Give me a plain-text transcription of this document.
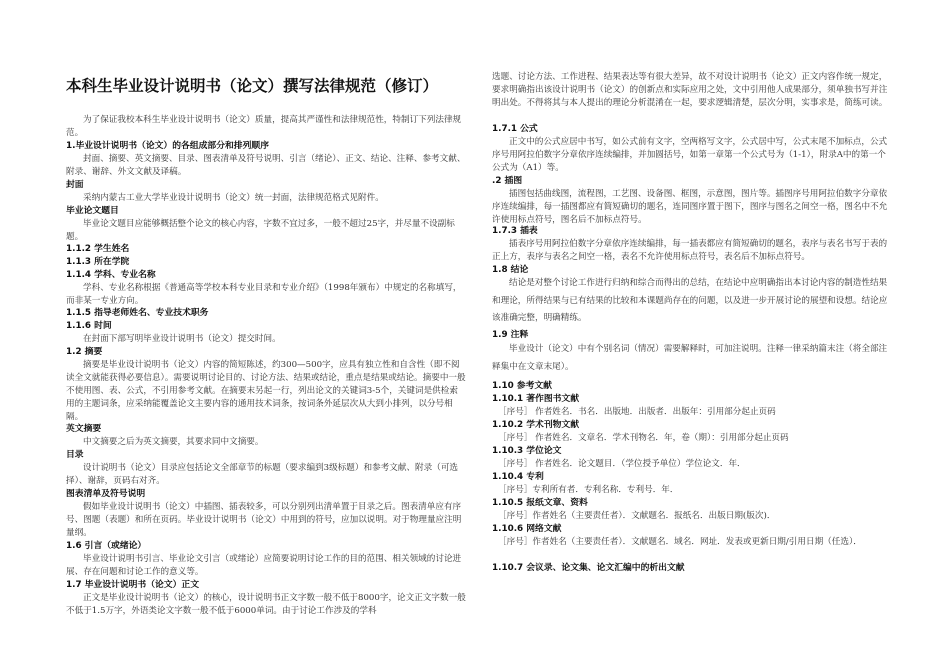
本科生毕业设计说明书（论文）撰写法律规范（修订）

为了保证我校本科生毕业设计说明书（论文）质量，提高其严谨性和法律规范性，特制订下列法律规范。

1.毕业设计说明书（论文）的各组成部分和排列顺序

封面、摘要、英文摘要、目录、图表清单及符号说明、引言（绪论）、正文、结论、注释、参考文献、附录、谢辞、外文文献及译稿。

封面

采纳内蒙古工业大学毕业设计说明书（论文）统一封面，法律规范格式见附件。

毕业论文题目

毕业论文题目应能够概括整个论文的核心内容，字数不宜过多，一般不超过25字，并尽量不设副标题。

1.1.2 学生姓名

1.1.3 所在学院

1.1.4 学科、专业名称

学科、专业名称根据《普通高等学校本科专业目录和专业介绍》（1998年颁布）中规定的名称填写，而非某一专业方向。

1.1.5 指导老师姓名、专业技术职务

1.1.6 时间

在封面下部写明毕业设计说明书（论文）提交时间。

1.2 摘要

摘要是毕业设计说明书（论文）内容的简短陈述，约300—500字，应具有独立性和自含性（即不阅读全文就能获得必要信息）。需要说明讨论目的、讨论方法、结果或结论，重点是结果或结论。摘要中一般不使用图、表、公式，不引用参考文献。在摘要末另起一行，列出论文的关键词3-5个，关键词是供检索用的主题词条，应采纳能覆盖论文主要内容的通用技术词条，按词条外延层次从大到小排列，以分号相隔。

英文摘要

中文摘要之后为英文摘要，其要求同中文摘要。

目录

设计说明书（论文）目录应包括论文全部章节的标题（要求编到3级标题）和参考文献、附录（可选择）、谢辞，页码右对齐。

图表清单及符号说明

假如毕业设计说明书（论文）中插图、插表较多，可以分别列出清单置于目录之后。图表清单应有序号、图题（表题）和所在页码。毕业设计说明书（论文）中用到的符号，应加以说明。对于物理量应注明量纲。

1.6 引言（或绪论）

毕业设计说明书引言、毕业论文引言（或绪论）应简要说明讨论工作的目的范围、相关领域的讨论进展、存在问题和讨论工作的意义等。

1.7 毕业设计说明书（论文）正文

正文是毕业设计说明书（论文）的核心，设计说明书正文字数一般不低于8000字，论文正文字数一般不低于1.5万字，外语类论文字数一般不低于6000单词。由于讨论工作涉及的学科

选题、讨论方法、工作进程、结果表达等有很大差异，故不对设计说明书（论文）正文内容作统一规定，要求明确指出该设计说明书（论文）的创新点和实际应用之处，文中引用他人成果部分，须单独书写并注明出处。不得将其与本人提出的理论分析混淆在一起，要求逻辑清楚，层次分明，实事求是，简练可读。

1.7.1 公式

正文中的公式应居中书写，如公式前有文字，空两格写文字，公式居中写，公式末尾不加标点，公式序号用阿拉伯数字分章依序连续编排，并加圆括号，如第一章第一个公式号为（1-1），附录A中的第一个公式为（A1）等。

.2 插图

插图包括曲线图，流程图，工艺图、设备图、框图，示意图，图片等。插图序号用阿拉伯数字分章依序连续编排，每一插图都应有简短确切的题名，连同图序置于图下，图序与图名之间空一格，图名中不允许使用标点符号，图名后不加标点符号。

1.7.3 插表

插表序号用阿拉伯数字分章依序连续编排，每一插表都应有简短确切的题名，表序与表名书写于表的正上方，表序与表名之间空一格，表名不允许使用标点符号，表名后不加标点符号。

1.8 结论

结论是对整个讨论工作进行归纳和综合而得出的总结，在结论中应明确指出本讨论内容的制造性结果和理论，所得结果与已有结果的比较和本课题尚存在的问题，以及进一步开展讨论的展望和设想。结论应该准确完整，明确精练。

1.9 注释

毕业设计（论文）中有个别名词（情况）需要解释时，可加注说明。注释一律采纳篇末注（将全部注释集中在文章末尾）。

1.10 参考文献

1.10.1 著作图书文献

［序号］ 作者姓名．书名．出版地．出版者．出版年：引用部分起止页码

1.10.2 学术刊物文献

［序号］ 作者姓名．文章名．学术刊物名．年，卷（期）：引用部分起止页码

1.10.3 学位论文

［序号］ 作者姓名．论文题目．（学位授予单位）学位论文．年．

1.10.4 专利

［序号］专利所有者．专利名称．专利号．年．

1.10.5 报纸文章、资料

［序号］作者姓名（主要责任者）．文献题名．报纸名．出版日期(版次)．

1.10.6 网络文献

［序号］作者姓名（主要责任者）．文献题名．域名．网址．发表或更新日期/引用日期（任选）．

1.10.7 会议录、论文集、论文汇编中的析出文献
